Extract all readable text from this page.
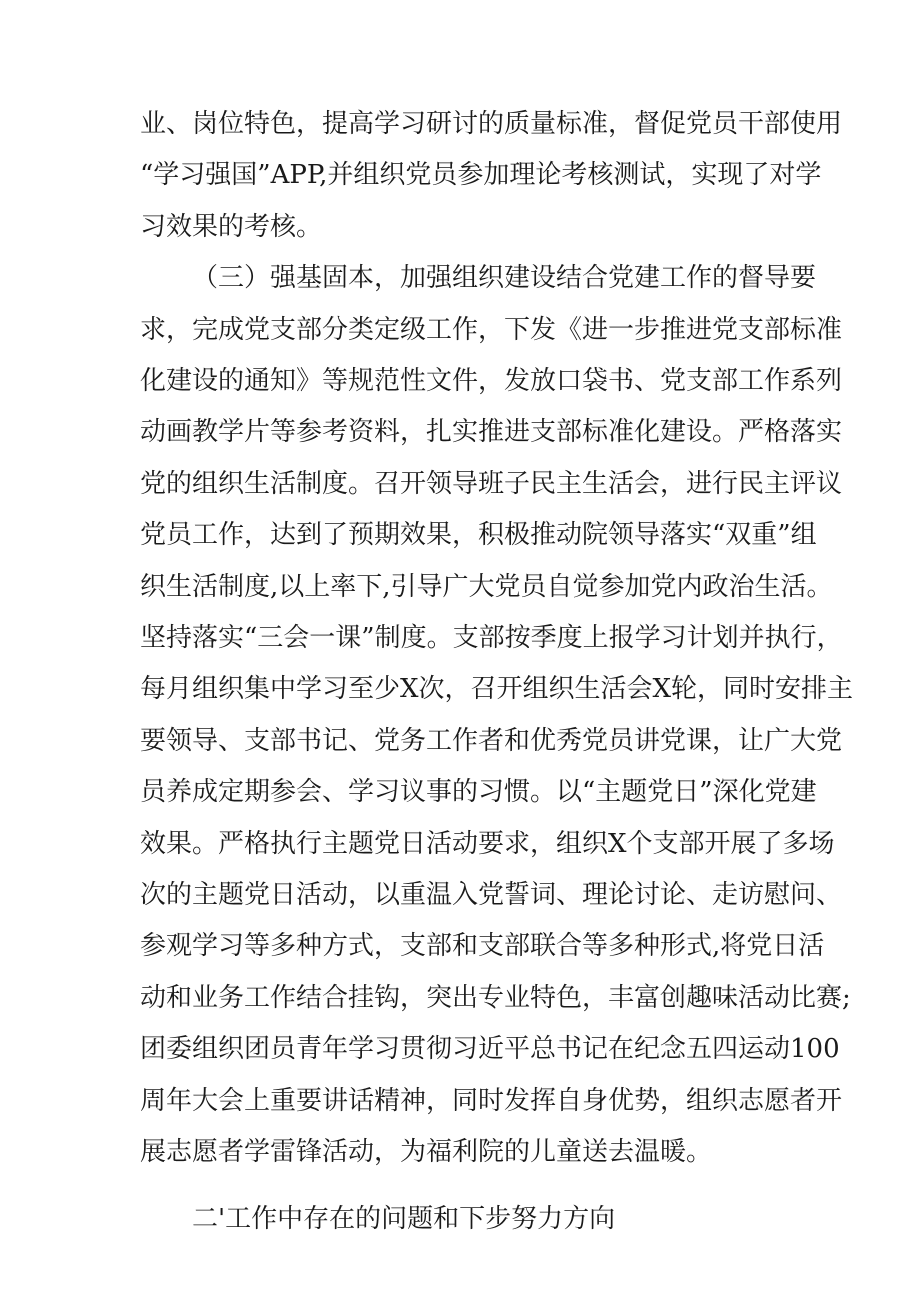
业、岗位特色，提高学习研讨的质量标准，督促党员干部使用
“学习强国”APP,并组织党员参加理论考核测试，实现了对学
习效果的考核。
（三）强基固本，加强组织建设结合党建工作的督导要
求，完成党支部分类定级工作，下发《进一步推进党支部标准
化建设的通知》等规范性文件，发放口袋书、党支部工作系列
动画教学片等参考资料，扎实推进支部标准化建设。严格落实
党的组织生活制度。召开领导班子民主生活会，进行民主评议
党员工作，达到了预期效果，积极推动院领导落实“双重”组
织生活制度,以上率下,引导广大党员自觉参加党内政治生活。
坚持落实“三会一课”制度。支部按季度上报学习计划并执行，
每月组织集中学习至少X次，召开组织生活会X轮，同时安排主
要领导、支部书记、党务工作者和优秀党员讲党课，让广大党
员养成定期参会、学习议事的习惯。以“主题党日”深化党建
效果。严格执行主题党日活动要求，组织X个支部开展了多场
次的主题党日活动，以重温入党誓词、理论讨论、走访慰问、
参观学习等多种方式，支部和支部联合等多种形式,将党日活
动和业务工作结合挂钩，突出专业特色，丰富创趣味活动比赛;
团委组织团员青年学习贯彻习近平总书记在纪念五四运动100
周年大会上重要讲话精神，同时发挥自身优势，组织志愿者开
展志愿者学雷锋活动，为福利院的儿童送去温暖。
二'工作中存在的问题和下步努力方向
